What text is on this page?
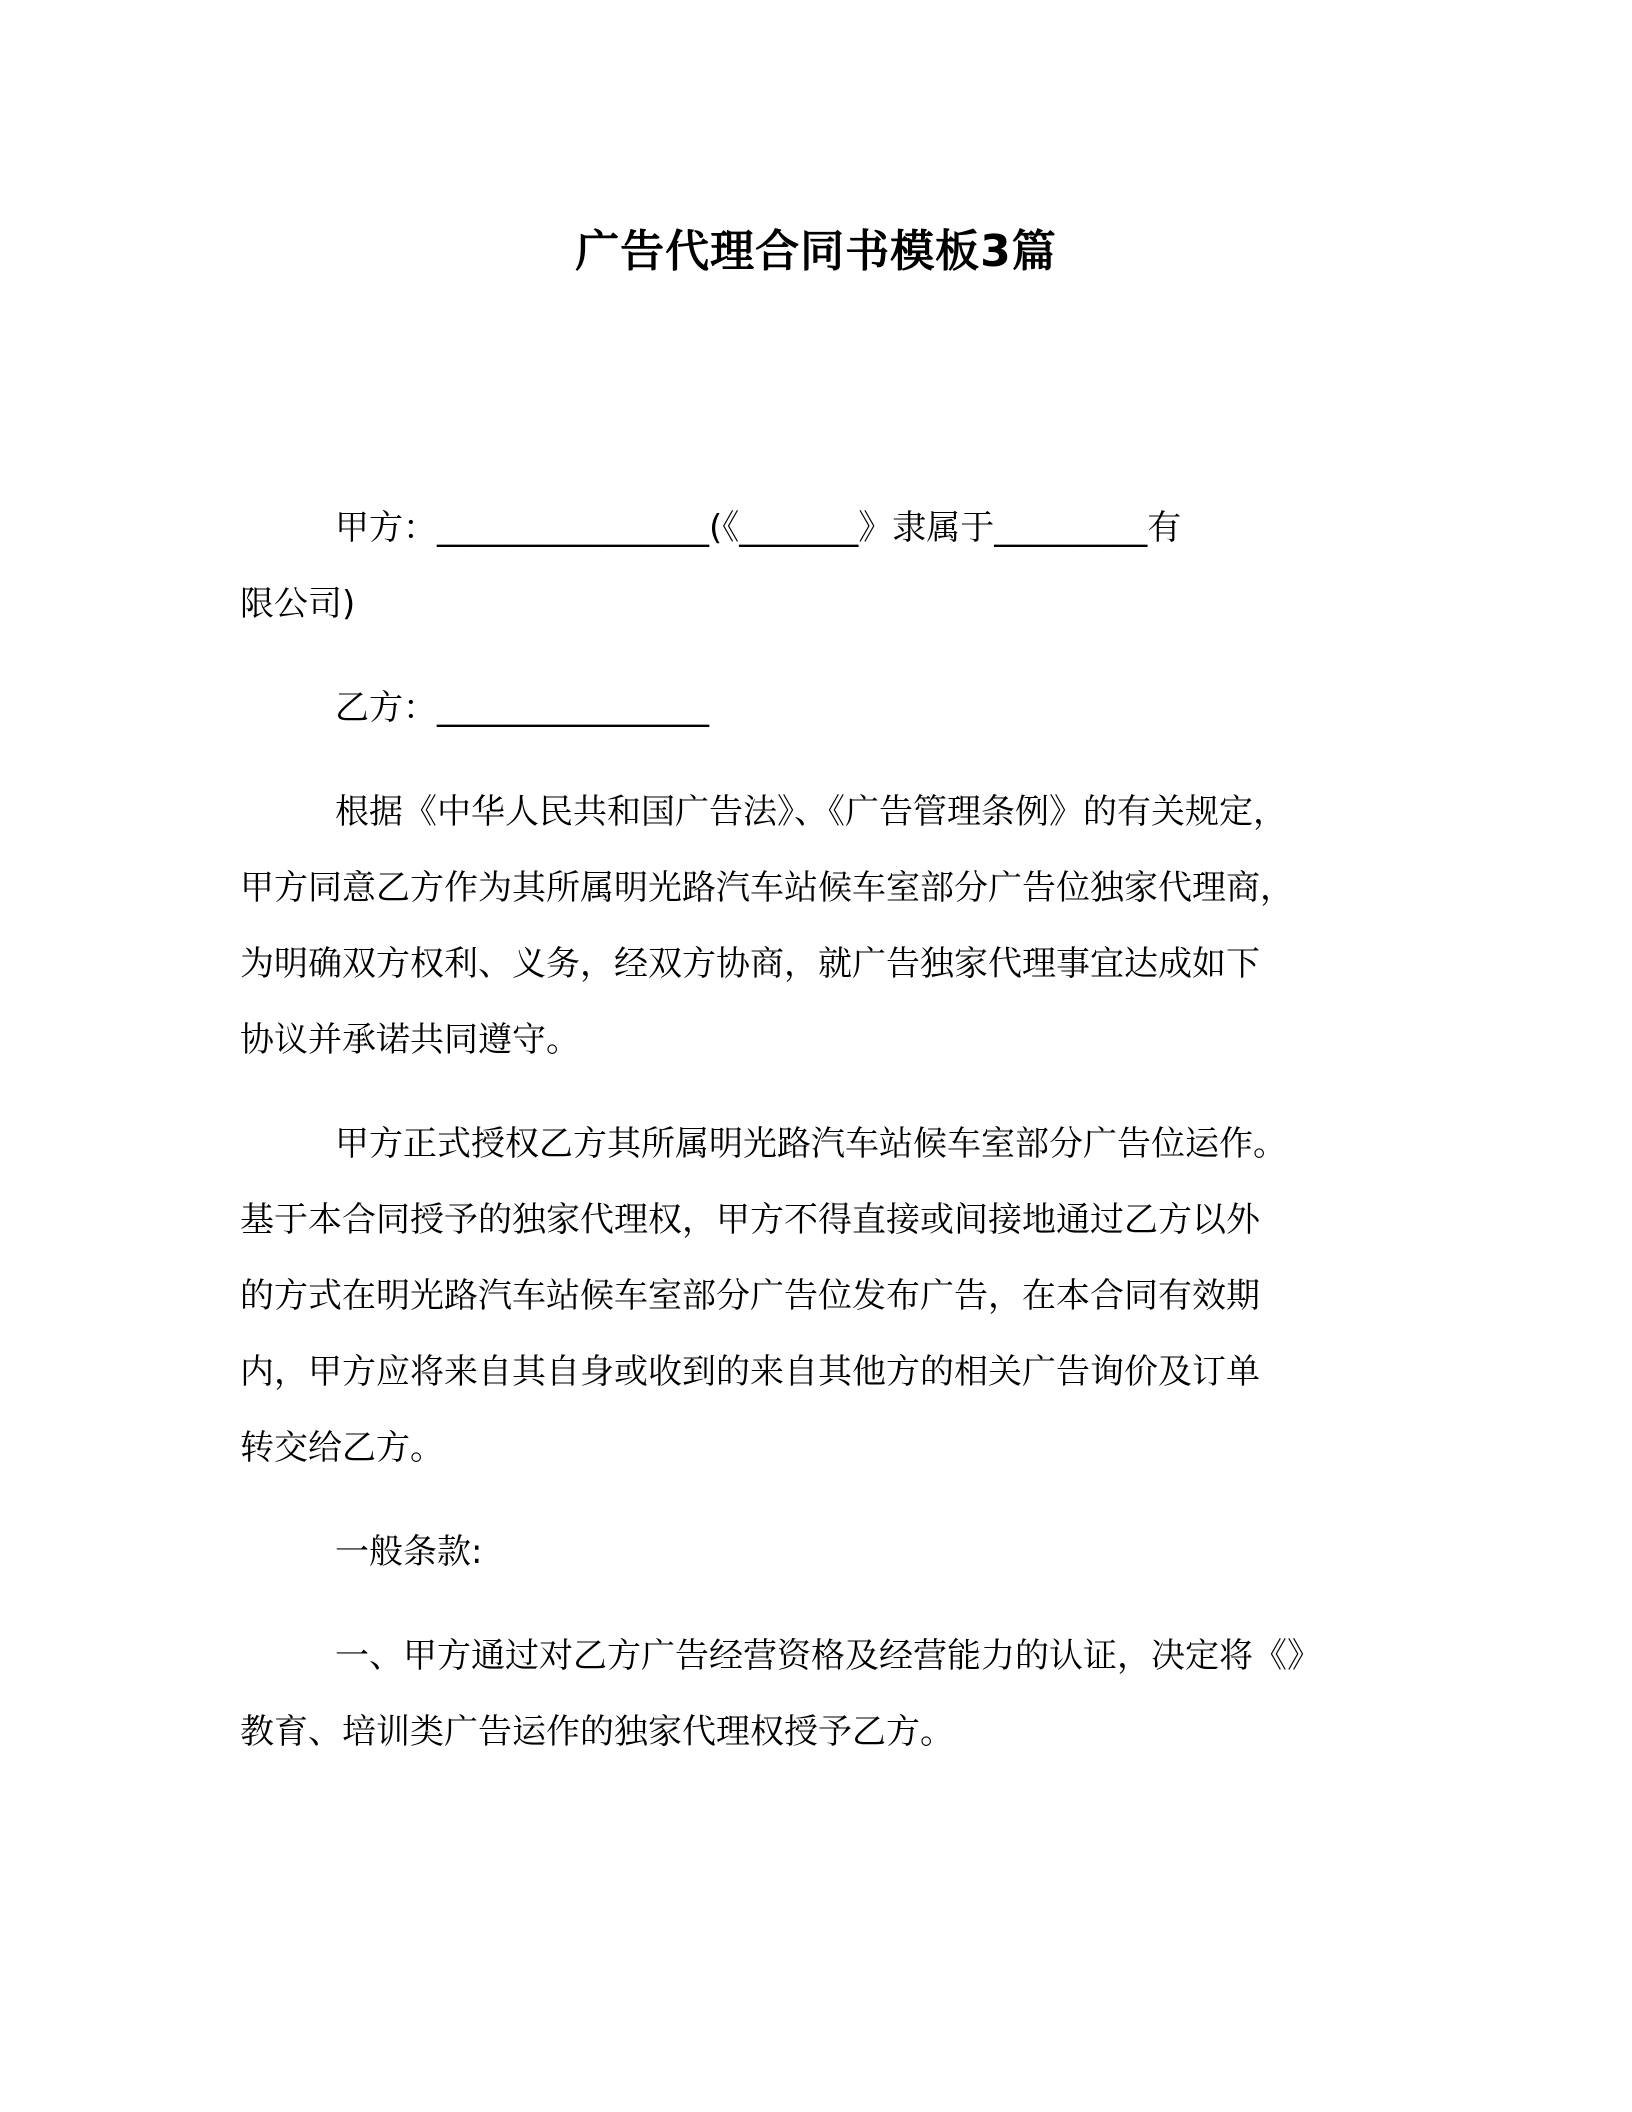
广告代理合同书模板3篇
甲方：________________(《_______》隶属于_________有
限公司)
乙方：________________
根据《中华人民共和国广告法》、《广告管理条例》的有关规定，
甲方同意乙方作为其所属明光路汽车站候车室部分广告位独家代理商，
为明确双方权利、义务，经双方协商，就广告独家代理事宜达成如下
协议并承诺共同遵守。
甲方正式授权乙方其所属明光路汽车站候车室部分广告位运作。
基于本合同授予的独家代理权，甲方不得直接或间接地通过乙方以外
的方式在明光路汽车站候车室部分广告位发布广告，在本合同有效期
内，甲方应将来自其自身或收到的来自其他方的相关广告询价及订单
转交给乙方。
一般条款:
一、甲方通过对乙方广告经营资格及经营能力的认证，决定将《》
教育、培训类广告运作的独家代理权授予乙方。
